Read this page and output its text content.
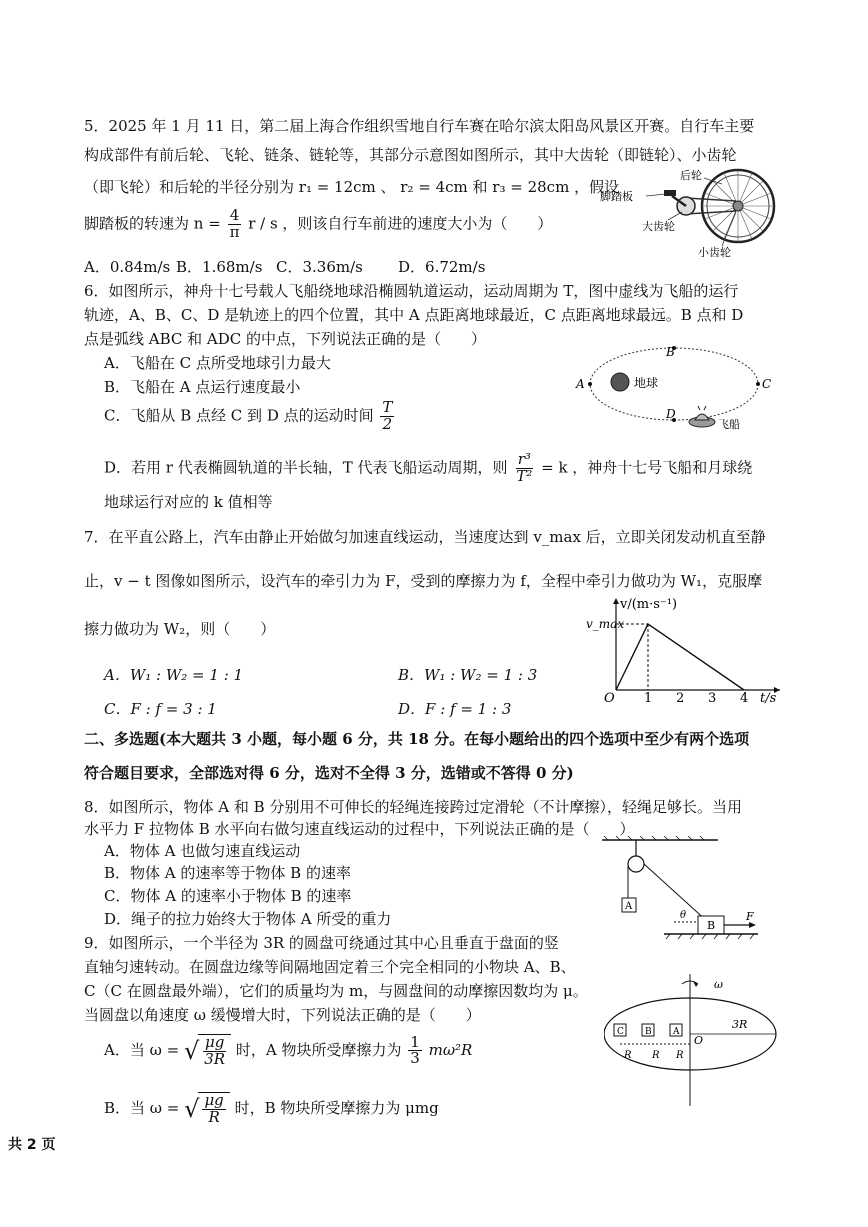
5．2025 年 1 月 11 日，第二届上海合作组织雪地自行车赛在哈尔滨太阳岛风景区开赛。自行车主要
构成部件有前后轮、飞轮、链条、链轮等，其部分示意图如图所示，其中大齿轮（即链轮）、小齿轮
（即飞轮）和后轮的半径分别为 r₁ = 12cm 、 r₂ = 4cm 和 r₃ = 28cm ，假设
脚踏板的转速为 $n = \frac{4}{\pi}$ r / s ，则该自行车前进的速度大小为（　　）
A．0.84m/s B．1.68m/s C．3.36m/s D．6.72m/s
后轮
脚踏板
大齿轮
小齿轮
6．如图所示，神舟十七号载人飞船绕地球沿椭圆轨道运动，运动周期为 T，图中虚线为飞船的运行
轨迹，A、B、C、D 是轨迹上的四个位置，其中 A 点距离地球最近，C 点距离地球最远。B 点和 D
点是弧线 ABC 和 ADC 的中点，下列说法正确的是（　　）
A．飞船在 C 点所受地球引力最大
B．飞船在 A 点运行速度最小
C．飞船从 B 点经 C 到 D 点的运动时间 $\frac{T}{2}$
D．若用 r 代表椭圆轨道的半长轴，T 代表飞船运动周期，则 $\frac{\text{r³}}{\text{T²}} = k$ ，神舟十七号飞船和月球绕
地球运行对应的 k 值相等
地球
A
B
C
D
飞船
7．在平直公路上，汽车由静止开始做匀加速直线运动，当速度达到 v_max 后，立即关闭发动机直至静
止，v − t 图像如图所示，设汽车的牵引力为 F，受到的摩擦力为 f，全程中牵引力做功为 W₁，克服摩
擦力做功为 W₂，则（　　）
A．W₁ : W₂ = 1 : 1	B．W₁ : W₂ = 1 : 3
C．F : f = 3 : 1	D．F : f = 1 : 3
v/(m·s⁻¹)
v_max
O 1 2 3 4 t/s
二、多选题(本大题共 3 小题，每小题 6 分，共 18 分。在每小题给出的四个选项中至少有两个选项
符合题目要求，全部选对得 6 分，选对不全得 3 分，选错或不答得 0 分)
8．如图所示，物体 A 和 B 分别用不可伸长的轻绳连接跨过定滑轮（不计摩擦），轻绳足够长。当用
水平力 F 拉物体 B 水平向右做匀速直线运动的过程中，下列说法正确的是（　　）
A．物体 A 也做匀速直线运动
B．物体 A 的速率等于物体 B 的速率
C．物体 A 的速率小于物体 B 的速率
D．绳子的拉力始终大于物体 A 所受的重力
A
B
θ	F
9．如图所示，一个半径为 3R 的圆盘可绕通过其中心且垂直于盘面的竖
直轴匀速转动。在圆盘边缘等间隔地固定着三个完全相同的小物块 A、B、
C（C 在圆盘最外端），它们的质量均为 m，与圆盘间的动摩擦因数均为 μ。
当圆盘以角速度 ω 缓慢增大时，下列说法正确的是（　　）
A．当 ω = √ $\frac{\mu g}{3R}$ 时，A 物块所受摩擦力为 $\frac{1}{3} m\omega^2R$
B．当 ω = √ $\frac{\mu g}{R}$ 时，B 物块所受摩擦力为 μmg
ω
3R
O
C B A
R R R
共 2 页
